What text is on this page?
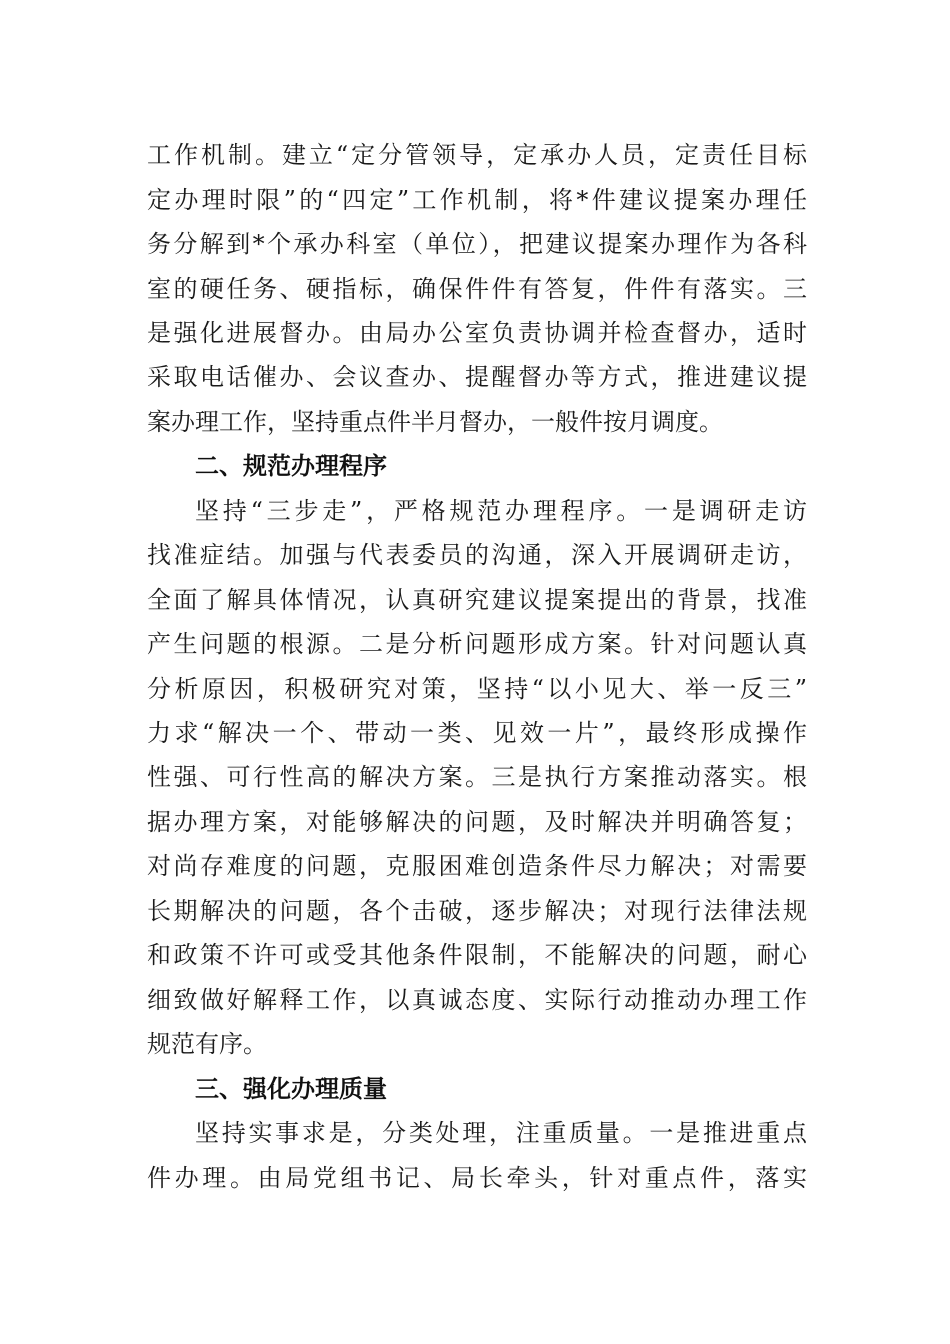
工作机制。建立“定分管领导，定承办人员，定责任目标
定办理时限”的“四定”工作机制，将*件建议提案办理任
务分解到*个承办科室（单位），把建议提案办理作为各科
室的硬任务、硬指标，确保件件有答复，件件有落实。三
是强化进展督办。由局办公室负责协调并检查督办，适时
采取电话催办、会议查办、提醒督办等方式，推进建议提
案办理工作，坚持重点件半月督办，一般件按月调度。
二、规范办理程序
坚持“三步走”，严格规范办理程序。一是调研走访
找准症结。加强与代表委员的沟通，深入开展调研走访，
全面了解具体情况，认真研究建议提案提出的背景，找准
产生问题的根源。二是分析问题形成方案。针对问题认真
分析原因，积极研究对策，坚持“以小见大、举一反三”
力求“解决一个、带动一类、见效一片”，最终形成操作
性强、可行性高的解决方案。三是执行方案推动落实。根
据办理方案，对能够解决的问题，及时解决并明确答复；
对尚存难度的问题，克服困难创造条件尽力解决；对需要
长期解决的问题，各个击破，逐步解决；对现行法律法规
和政策不许可或受其他条件限制，不能解决的问题，耐心
细致做好解释工作，以真诚态度、实际行动推动办理工作
规范有序。
三、强化办理质量
坚持实事求是，分类处理，注重质量。一是推进重点
件办理。由局党组书记、局长牵头，针对重点件，落实
